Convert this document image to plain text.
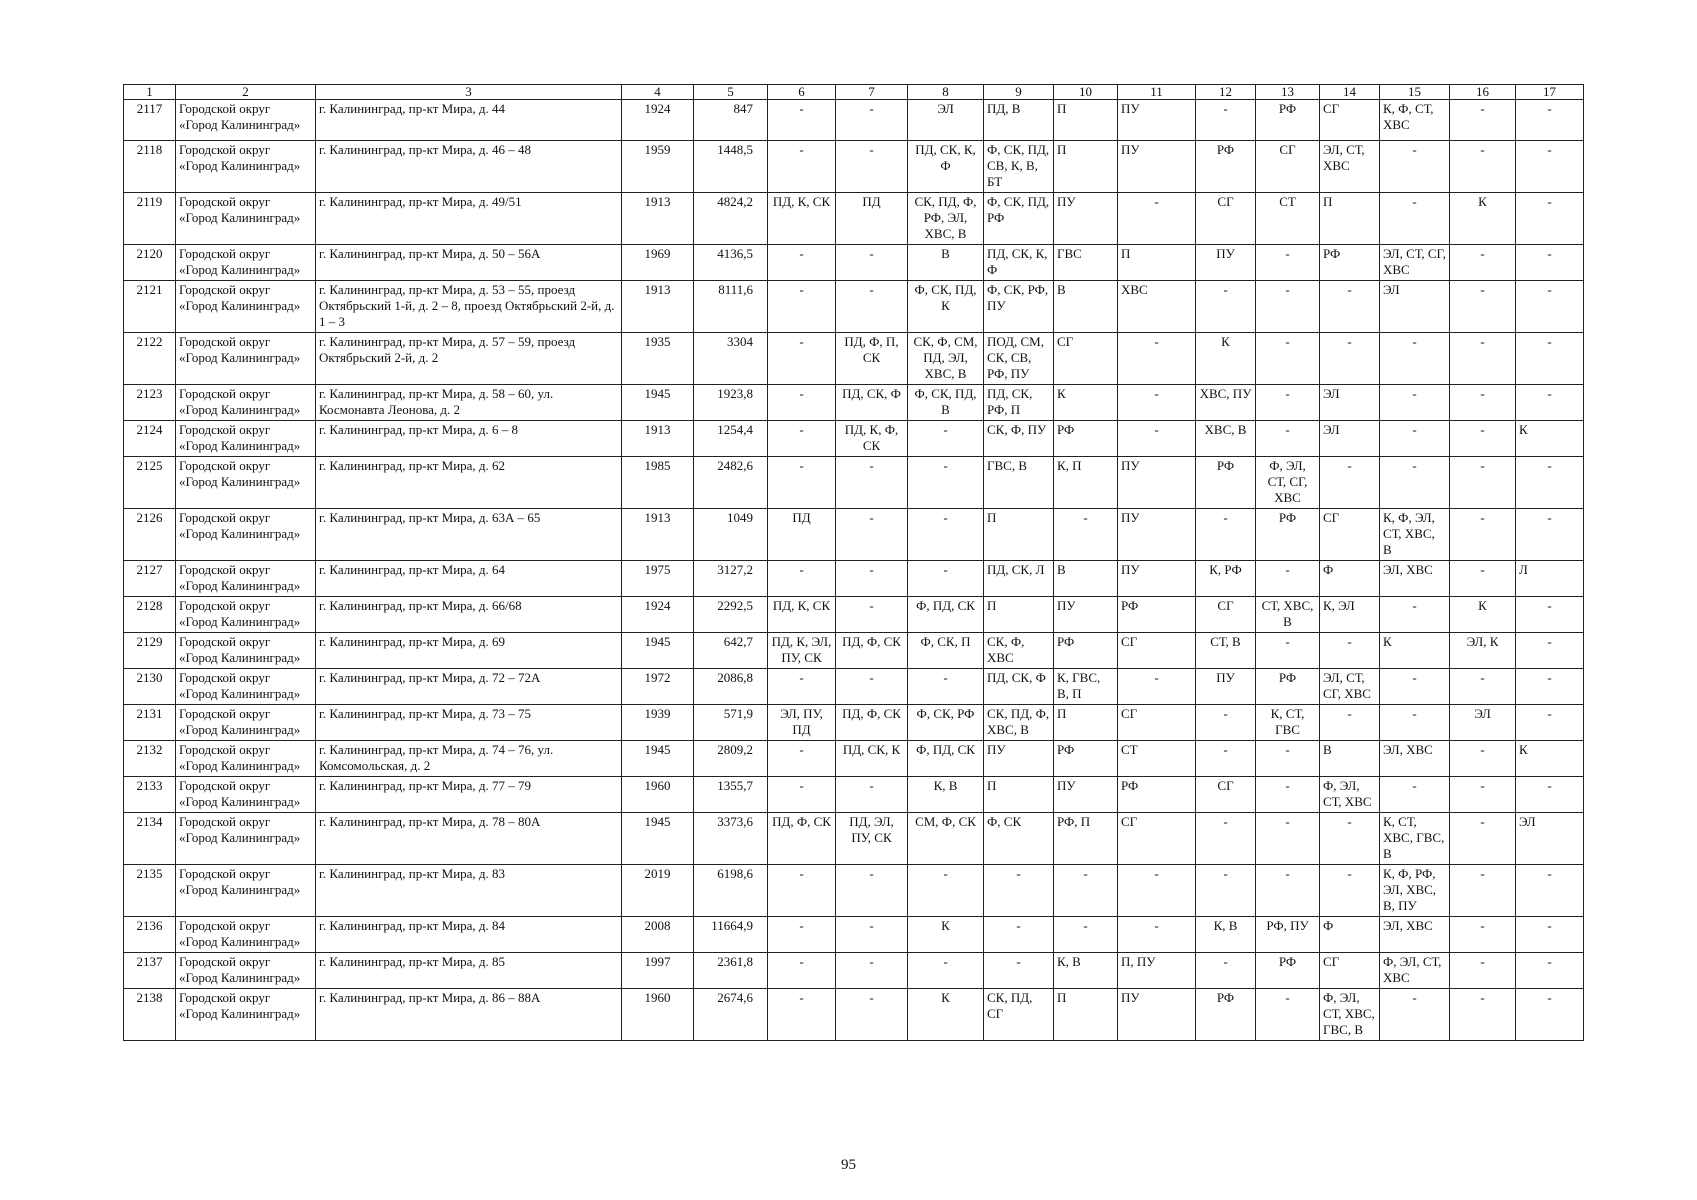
1	2	3	4	5	6	7	8	9	10	11	12	13	14	15	16	17
2117	Городской округ «Город Калининград»	г. Калининград, пр-кт Мира, д. 44	1924	847	-	-	ЭЛ	ПД, В	П	ПУ	-	РФ	СГ	К, Ф, СТ, ХВС	-	-
2118	Городской округ «Город Калининград»	г. Калининград, пр-кт Мира, д. 46 – 48	1959	1448,5	-	-	ПД, СК, К, Ф	Ф, СК, ПД, СВ, К, В, БТ	П	ПУ	РФ	СГ	ЭЛ, СТ, ХВС	-	-	-
2119	Городской округ «Город Калининград»	г. Калининград, пр-кт Мира, д. 49/51	1913	4824,2	ПД, К, СК	ПД	СК, ПД, Ф, РФ, ЭЛ, ХВС, В	Ф, СК, ПД, РФ	ПУ	-	СГ	СТ	П	-	К	-
2120	Городской округ «Город Калининград»	г. Калининград, пр-кт Мира, д. 50 – 56А	1969	4136,5	-	-	В	ПД, СК, К, Ф	ГВС	П	ПУ	-	РФ	ЭЛ, СТ, СГ, ХВС	-	-
2121	Городской округ «Город Калининград»	г. Калининград, пр-кт Мира, д. 53 – 55, проезд Октябрьский 1-й, д. 2 – 8, проезд Октябрьский 2-й, д. 1 – 3	1913	8111,6	-	-	Ф, СК, ПД, К	Ф, СК, РФ, ПУ	В	ХВС	-	-	-	ЭЛ	-	-
2122	Городской округ «Город Калининград»	г. Калининград, пр-кт Мира, д. 57 – 59, проезд Октябрьский 2-й, д. 2	1935	3304	-	ПД, Ф, П, СК	СК, Ф, СМ, ПД, ЭЛ, ХВС, В	ПОД, СМ, СК, СВ, РФ, ПУ	СГ	-	К	-	-	-	-	-
2123	Городской округ «Город Калининград»	г. Калининград, пр-кт Мира, д. 58 – 60, ул. Космонавта Леонова, д. 2	1945	1923,8	-	ПД, СК, Ф	Ф, СК, ПД, В	ПД, СК, РФ, П	К	-	ХВС, ПУ	-	ЭЛ	-	-	-
2124	Городской округ «Город Калининград»	г. Калининград, пр-кт Мира, д. 6 – 8	1913	1254,4	-	ПД, К, Ф, СК	-	СК, Ф, ПУ	РФ	-	ХВС, В	-	ЭЛ	-	-	К
2125	Городской округ «Город Калининград»	г. Калининград, пр-кт Мира, д. 62	1985	2482,6	-	-	-	ГВС, В	К, П	ПУ	РФ	Ф, ЭЛ, СТ, СГ, ХВС	-	-	-	-
2126	Городской округ «Город Калининград»	г. Калининград, пр-кт Мира, д. 63А – 65	1913	1049	ПД	-	-	П	-	ПУ	-	РФ	СГ	К, Ф, ЭЛ, СТ, ХВС, В	-	-
2127	Городской округ «Город Калининград»	г. Калининград, пр-кт Мира, д. 64	1975	3127,2	-	-	-	ПД, СК, Л	В	ПУ	К, РФ	-	Ф	ЭЛ, ХВС	-	Л
2128	Городской округ «Город Калининград»	г. Калининград, пр-кт Мира, д. 66/68	1924	2292,5	ПД, К, СК	-	Ф, ПД, СК	П	ПУ	РФ	СГ	СТ, ХВС, В	К, ЭЛ	-	К	-
2129	Городской округ «Город Калининград»	г. Калининград, пр-кт Мира, д. 69	1945	642,7	ПД, К, ЭЛ, ПУ, СК	ПД, Ф, СК	Ф, СК, П	СК, Ф, ХВС	РФ	СГ	СТ, В	-	-	К	ЭЛ, К	-
2130	Городской округ «Город Калининград»	г. Калининград, пр-кт Мира, д. 72 – 72А	1972	2086,8	-	-	-	ПД, СК, Ф	К, ГВС, В, П	-	ПУ	РФ	ЭЛ, СТ, СГ, ХВС	-	-	-
2131	Городской округ «Город Калининград»	г. Калининград, пр-кт Мира, д. 73 – 75	1939	571,9	ЭЛ, ПУ, ПД	ПД, Ф, СК	Ф, СК, РФ	СК, ПД, Ф, ХВС, В	П	СГ	-	К, СТ, ГВС	-	-	ЭЛ	-
2132	Городской округ «Город Калининград»	г. Калининград, пр-кт Мира, д. 74 – 76, ул. Комсомольская, д. 2	1945	2809,2	-	ПД, СК, К	Ф, ПД, СК	ПУ	РФ	СТ	-	-	В	ЭЛ, ХВС	-	К
2133	Городской округ «Город Калининград»	г. Калининград, пр-кт Мира, д. 77 – 79	1960	1355,7	-	-	К, В	П	ПУ	РФ	СГ	-	Ф, ЭЛ, СТ, ХВС	-	-	-
2134	Городской округ «Город Калининград»	г. Калининград, пр-кт Мира, д. 78 – 80А	1945	3373,6	ПД, Ф, СК	ПД, ЭЛ, ПУ, СК	СМ, Ф, СК	Ф, СК	РФ, П	СГ	-	-	-	К, СТ, ХВС, ГВС, В	-	ЭЛ
2135	Городской округ «Город Калининград»	г. Калининград, пр-кт Мира, д. 83	2019	6198,6	-	-	-	-	-	-	-	-	-	К, Ф, РФ, ЭЛ, ХВС, В, ПУ	-	-
2136	Городской округ «Город Калининград»	г. Калининград, пр-кт Мира, д. 84	2008	11664,9	-	-	К	-	-	-	К, В	РФ, ПУ	Ф	ЭЛ, ХВС	-	-
2137	Городской округ «Город Калининград»	г. Калининград, пр-кт Мира, д. 85	1997	2361,8	-	-	-	-	К, В	П, ПУ	-	РФ	СГ	Ф, ЭЛ, СТ, ХВС	-	-
2138	Городской округ «Город Калининград»	г. Калининград, пр-кт Мира, д. 86 – 88А	1960	2674,6	-	-	К	СК, ПД, СГ	П	ПУ	РФ	-	Ф, ЭЛ, СТ, ХВС, ГВС, В	-	-	-
95
